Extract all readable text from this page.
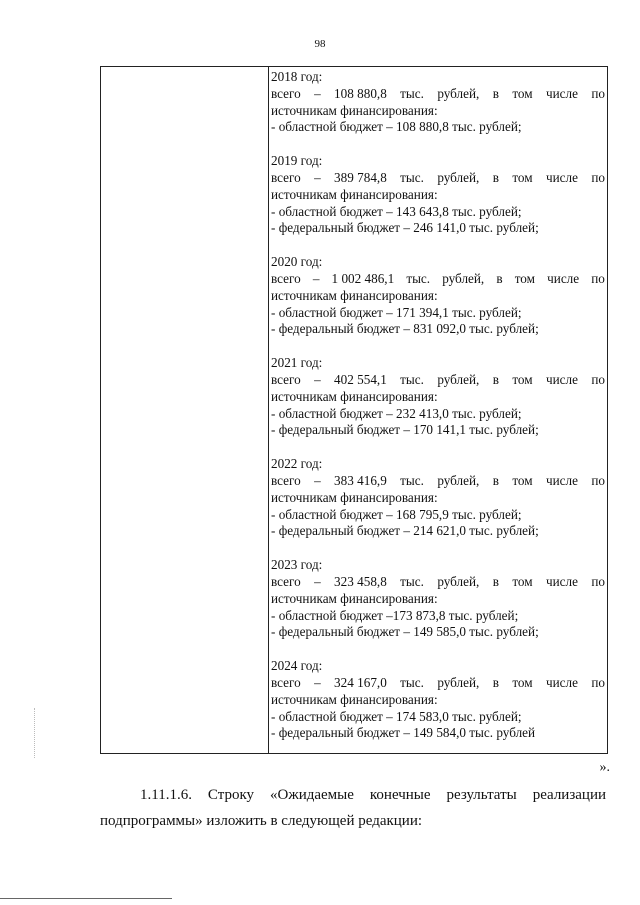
98
2018 год:
всего – 108 880,8 тыс. рублей, в том числе по
источникам финансирования:
- областной бюджет – 108 880,8 тыс. рублей;
2019 год:
всего – 389 784,8 тыс. рублей, в том числе по
источникам финансирования:
- областной бюджет – 143 643,8 тыс. рублей;
- федеральный бюджет – 246 141,0 тыс. рублей;
2020 год:
всего – 1 002 486,1 тыс. рублей, в том числе по
источникам финансирования:
- областной бюджет – 171 394,1 тыс. рублей;
- федеральный бюджет – 831 092,0 тыс. рублей;
2021 год:
всего – 402 554,1 тыс. рублей, в том числе по
источникам финансирования:
- областной бюджет – 232 413,0 тыс. рублей;
- федеральный бюджет – 170 141,1 тыс. рублей;
2022 год:
всего – 383 416,9 тыс. рублей, в том числе по
источникам финансирования:
- областной бюджет – 168 795,9 тыс. рублей;
- федеральный бюджет – 214 621,0 тыс. рублей;
2023 год:
всего – 323 458,8 тыс. рублей, в том числе по
источникам финансирования:
- областной бюджет –173 873,8 тыс. рублей;
- федеральный бюджет – 149 585,0 тыс. рублей;
2024 год:
всего – 324 167,0 тыс. рублей, в том числе по
источникам финансирования:
- областной бюджет – 174 583,0 тыс. рублей;
- федеральный бюджет – 149 584,0 тыс. рублей
».
1.11.1.6. Строку «Ожидаемые конечные результаты реализации
подпрограммы» изложить в следующей редакции:
